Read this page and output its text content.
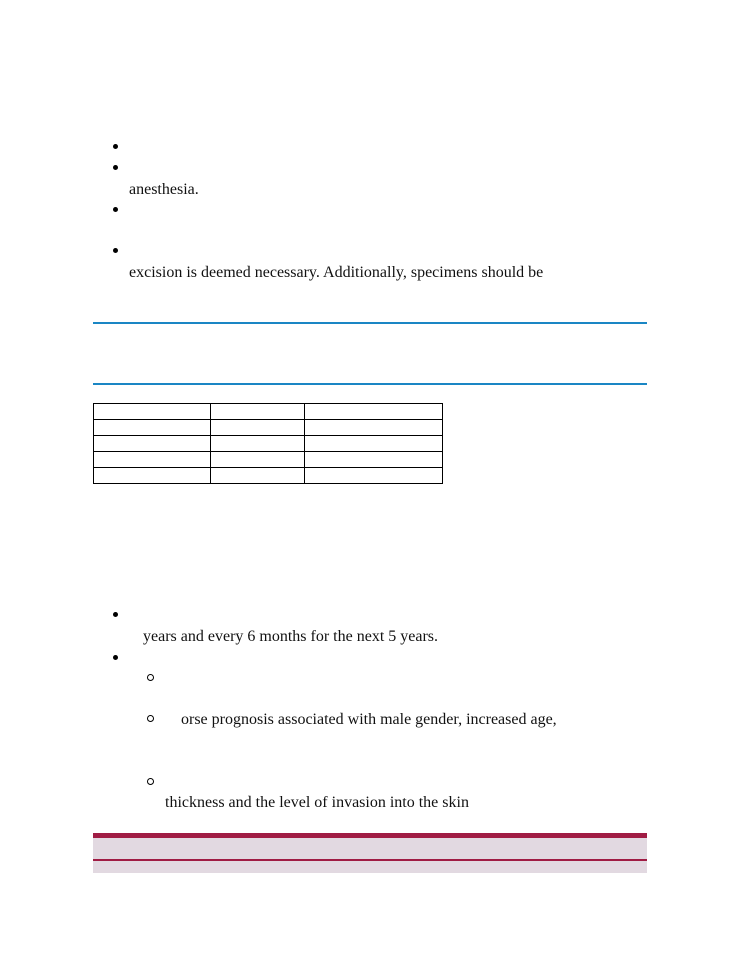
anesthesia.
excision is deemed necessary. Additionally, specimens should be

years and every 6 months for the next 5 years.
orse prognosis associated with male gender, increased age,
thickness and the level of invasion into the skin
